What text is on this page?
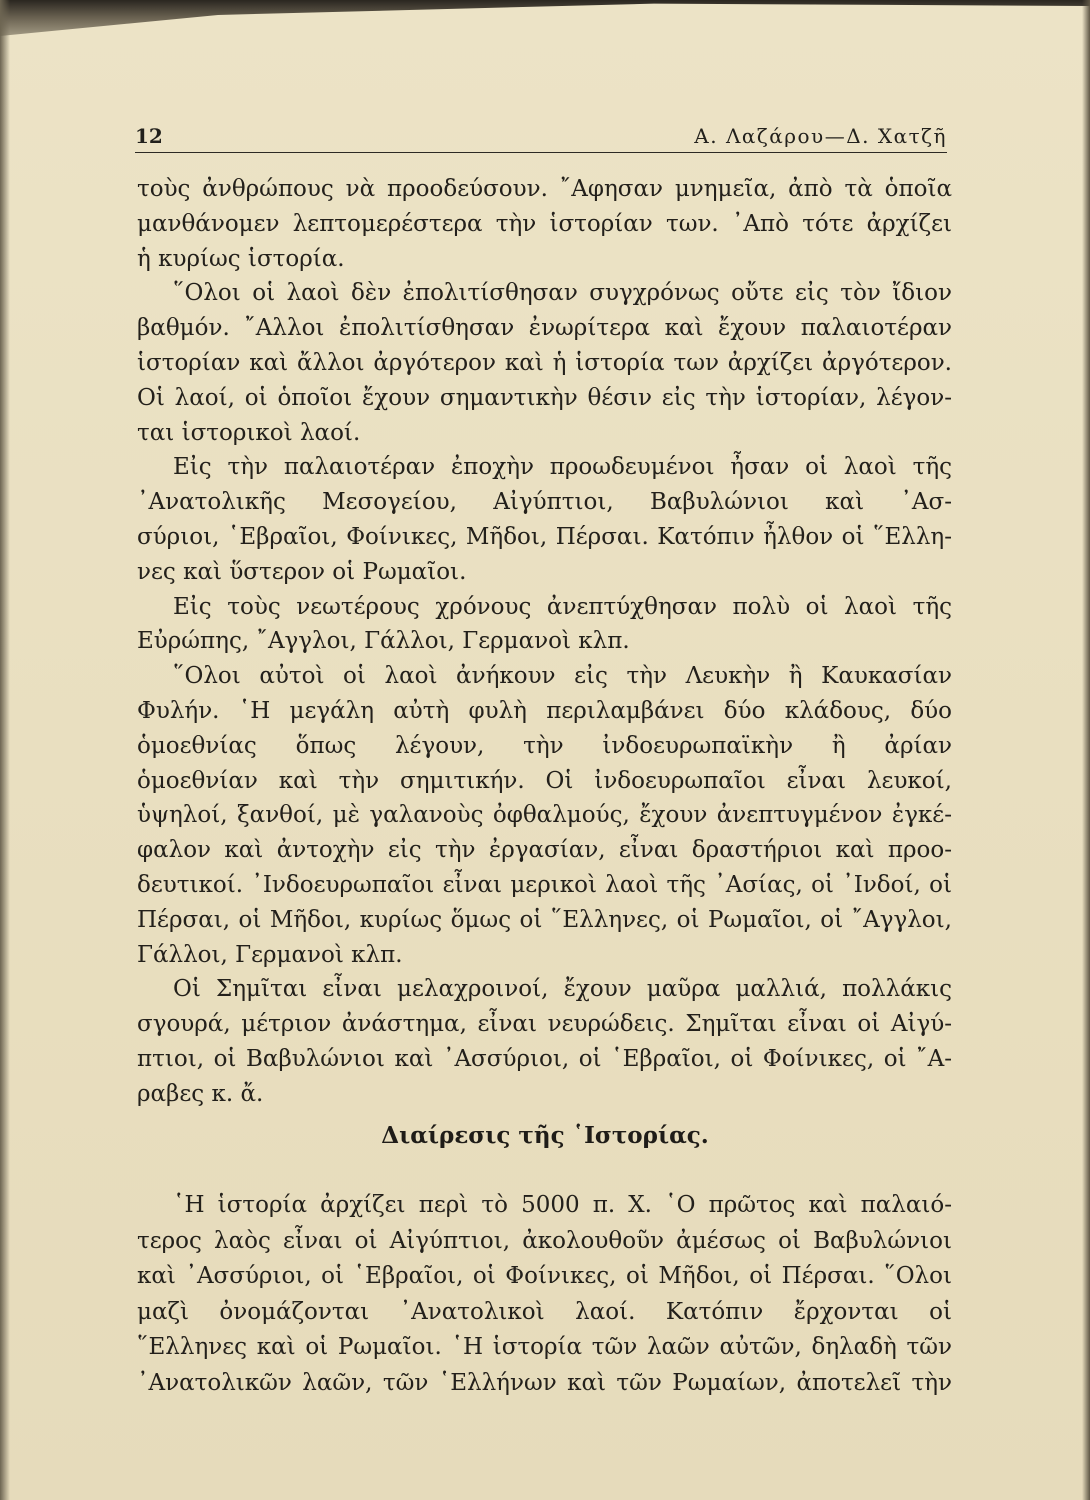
12	Α. Λαζάρου—Δ. Χατζῆ
τοὺς ἀνθρώπους νὰ προοδεύσουν. ῎Αφησαν μνημεῖα, ἀπὸ τὰ ὁποῖα
μανθάνομεν λεπτομερέστερα τὴν ἱστορίαν των. ᾿Απὸ τότε ἀρχίζει
ἡ κυρίως ἱστορία.
῞Ολοι οἱ λαοὶ δὲν ἐπολιτίσθησαν συγχρόνως οὔτε εἰς τὸν ἴδιον
βαθμόν. ῎Αλλοι ἐπολιτίσθησαν ἐνωρίτερα καὶ ἔχουν παλαιοτέραν
ἱστορίαν καὶ ἄλλοι ἀργότερον καὶ ἡ ἱστορία των ἀρχίζει ἀργότερον.
Οἱ λαοί, οἱ ὁποῖοι ἔχουν σημαντικὴν θέσιν εἰς τὴν ἱστορίαν, λέγον-
ται ἱστορικοὶ λαοί.
Εἰς τὴν παλαιοτέραν ἐποχὴν προωδευμένοι ἦσαν οἱ λαοὶ τῆς
᾿Ανατολικῆς Μεσογείου, Αἰγύπτιοι, Βαβυλώνιοι καὶ ᾿Ασ-
σύριοι, ῾Εβραῖοι, Φοίνικες, Μῆδοι, Πέρσαι. Κατόπιν ἦλθον οἱ ῞Ελλη-
νες καὶ ὕστερον οἱ Ρωμαῖοι.
Εἰς τοὺς νεωτέρους χρόνους ἀνεπτύχθησαν πολὺ οἱ λαοὶ τῆς
Εὐρώπης, ῎Αγγλοι, Γάλλοι, Γερμανοὶ κλπ.
῞Ολοι αὐτοὶ οἱ λαοὶ ἀνήκουν εἰς τὴν Λευκὴν ἢ Καυκασίαν
Φυλήν. ῾Η μεγάλη αὐτὴ φυλὴ περιλαμβάνει δύο κλάδους, δύο
ὁμοεθνίας ὅπως λέγουν, τὴν ἰνδοευρωπαϊκὴν ἢ ἀρίαν
ὁμοεθνίαν καὶ τὴν σημιτικήν. Οἱ ἰνδοευρωπαῖοι εἶναι λευκοί,
ὑψηλοί, ξανθοί, μὲ γαλανοὺς ὀφθαλμούς, ἔχουν ἀνεπτυγμένον ἐγκέ-
φαλον καὶ ἀντοχὴν εἰς τὴν ἐργασίαν, εἶναι δραστήριοι καὶ προο-
δευτικοί. ᾿Ινδοευρωπαῖοι εἶναι μερικοὶ λαοὶ τῆς ᾿Ασίας, οἱ ᾿Ινδοί, οἱ
Πέρσαι, οἱ Μῆδοι, κυρίως ὅμως οἱ ῞Ελληνες, οἱ Ρωμαῖοι, οἱ ῎Αγγλοι,
Γάλλοι, Γερμανοὶ κλπ.
Οἱ Σημῖται εἶναι μελαχροινοί, ἔχουν μαῦρα μαλλιά, πολλάκις
σγουρά, μέτριον ἀνάστημα, εἶναι νευρώδεις. Σημῖται εἶναι οἱ Αἰγύ-
πτιοι, οἱ Βαβυλώνιοι καὶ ᾿Ασσύριοι, οἱ ῾Εβραῖοι, οἱ Φοίνικες, οἱ ῎Α-
ραβες κ. ἄ.
Διαίρεσις τῆς ῾Ιστορίας.
῾Η ἱστορία ἀρχίζει περὶ τὸ 5000 π. Χ. ῾Ο πρῶτος καὶ παλαιό-
τερος λαὸς εἶναι οἱ Αἰγύπτιοι, ἀκολουθοῦν ἀμέσως οἱ Βαβυλώνιοι
καὶ ᾿Ασσύριοι, οἱ ῾Εβραῖοι, οἱ Φοίνικες, οἱ Μῆδοι, οἱ Πέρσαι. ῞Ολοι
μαζὶ ὀνομάζονται ᾿Ανατολικοὶ λαοί. Κατόπιν ἔρχονται οἱ
῞Ελληνες καὶ οἱ Ρωμαῖοι. ῾Η ἱστορία τῶν λαῶν αὐτῶν, δηλαδὴ τῶν
᾿Ανατολικῶν λαῶν, τῶν ῾Ελλήνων καὶ τῶν Ρωμαίων, ἀποτελεῖ τὴν
